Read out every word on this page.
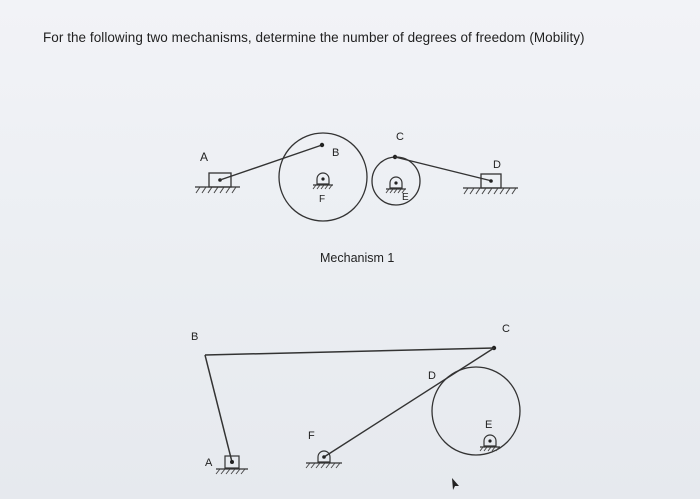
For the following two mechanisms, determine the number of degrees of freedom (Mobility)
A	B
F	E
C
D
Mechanism 1
B
C
D
E
A
F
